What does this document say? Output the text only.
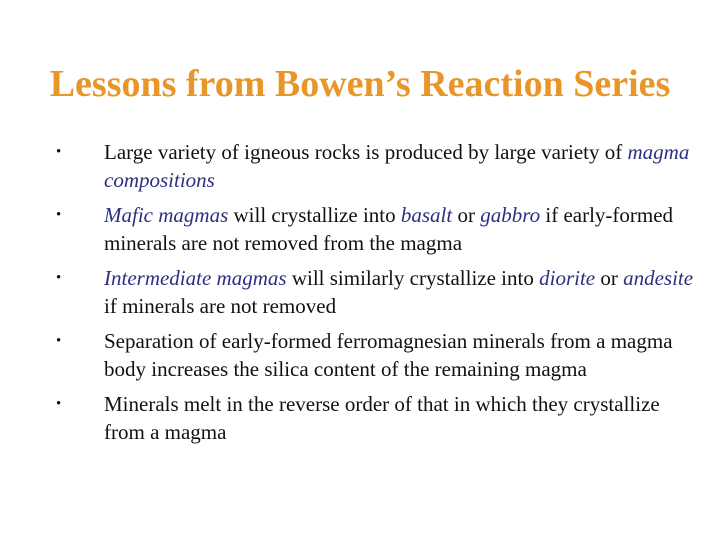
Lessons from Bowen’s Reaction Series
• Large variety of igneous rocks is produced by large variety of magma compositions
• Mafic magmas will crystallize into basalt or gabbro if early-formed minerals are not removed from the magma
• Intermediate magmas will similarly crystallize into diorite or andesite if minerals are not removed
• Separation of early-formed ferromagnesian minerals from a magma body increases the silica content of the remaining magma
• Minerals melt in the reverse order of that in which they crystallize from a magma
